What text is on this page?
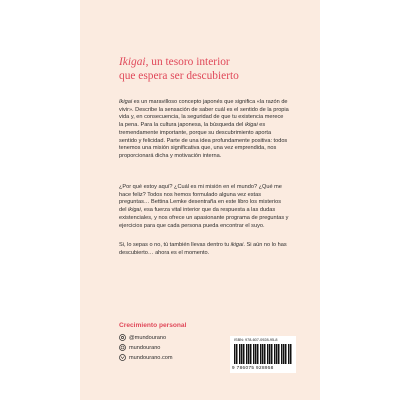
Ikigai, un tesoro interior

que espera ser descubierto

Ikigai es un maravilloso concepto japonés que significa «la razón de vivir». Describe la sensación de saber cuál es el sentido de la propia vida y, en consecuencia, la seguridad de que tu existencia merece la pena. Para la cultura japonesa, la búsqueda del ikigai es tremendamente importante, porque su descubrimiento aporta sentido y felicidad. Parte de una idea profundamente positiva: todos tenemos una misión significativa que, una vez emprendida, nos proporcionará dicha y motivación interna.

¿Por qué estoy aquí? ¿Cuál es mi misión en el mundo? ¿Qué me hace feliz? Todos nos hemos formulado alguna vez estas preguntas… Bettina Lemke desentraña en este libro los misterios del ikigai, esa fuerza vital interior que da respuesta a las dudas existenciales, y nos ofrece un apasionante programa de preguntas y ejercicios para que cada persona pueda encontrar el suyo.

Si, lo sepas o no, tú también llevas dentro tu ikigai. Si aún no lo has descubierto… ahora es el momento.

Crecimiento personal
@mundourano
mundourano
mundourano.com
ISBN: 978-607-0928-95-8
9 786075 928958
